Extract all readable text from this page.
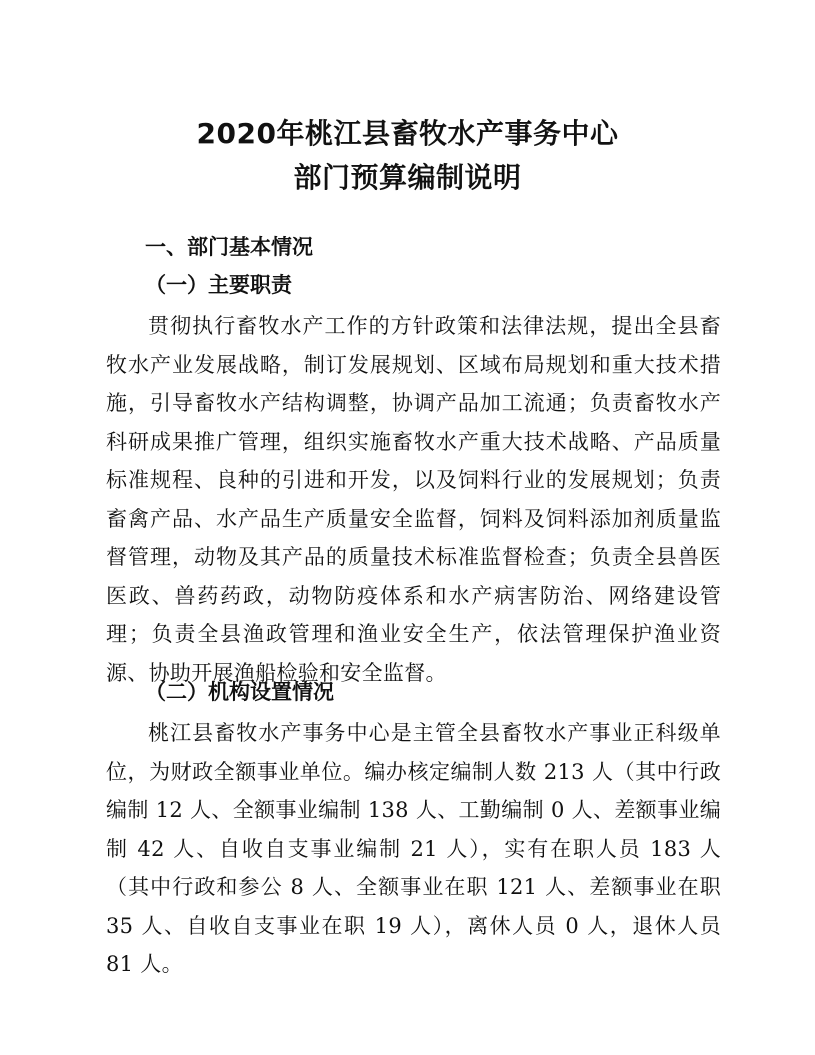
2020年桃江县畜牧水产事务中心
部门预算编制说明
一、部门基本情况
（一）主要职责

贯彻执行畜牧水产工作的方针政策和法律法规，提出全县畜牧水产业发展战略，制订发展规划、区域布局规划和重大技术措施，引导畜牧水产结构调整，协调产品加工流通；负责畜牧水产科研成果推广管理，组织实施畜牧水产重大技术战略、产品质量标准规程、良种的引进和开发，以及饲料行业的发展规划；负责畜禽产品、水产品生产质量安全监督，饲料及饲料添加剂质量监督管理，动物及其产品的质量技术标准监督检查；负责全县兽医医政、兽药药政，动物防疫体系和水产病害防治、网络建设管理；负责全县渔政管理和渔业安全生产，依法管理保护渔业资源、协助开展渔船检验和安全监督。

（二）机构设置情况

桃江县畜牧水产事务中心是主管全县畜牧水产事业正科级单位，为财政全额事业单位。编办核定编制人数 213 人（其中行政编制 12 人、全额事业编制 138 人、工勤编制 0 人、差额事业编制 42 人、自收自支事业编制 21 人），实有在职人员 183 人（其中行政和参公 8 人、全额事业在职 121 人、差额事业在职 35 人、自收自支事业在职 19 人），离休人员 0 人，退休人员 81 人。
